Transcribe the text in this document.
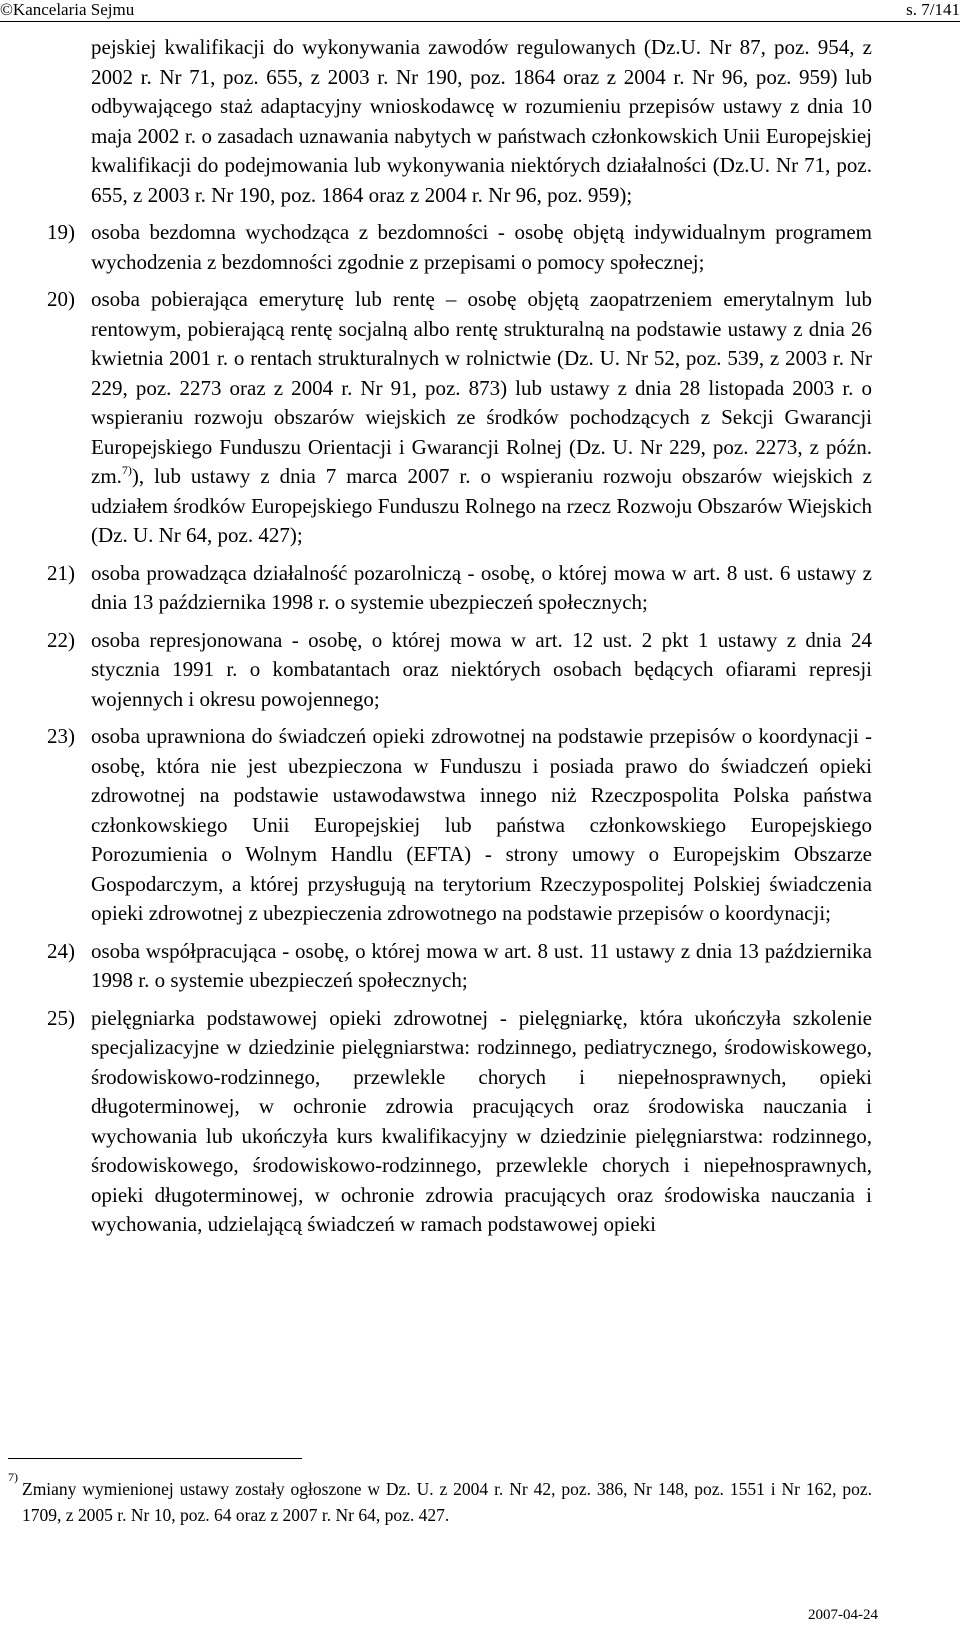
©Kancelaria Sejmu	s. 7/141
pejskiej kwalifikacji do wykonywania zawodów regulowanych (Dz.U. Nr 87, poz. 954, z 2002 r. Nr 71, poz. 655, z 2003 r. Nr 190, poz. 1864 oraz z 2004 r. Nr 96, poz. 959) lub odbywającego staż adaptacyjny wnioskodawcę w rozumieniu przepisów ustawy z dnia 10 maja 2002 r. o zasadach uznawania nabytych w państwach członkowskich Unii Europejskiej kwalifikacji do podejmowania lub wykonywania niektórych działalności (Dz.U. Nr 71, poz. 655, z 2003 r. Nr 190, poz. 1864 oraz z 2004 r. Nr 96, poz. 959);
19) osoba bezdomna wychodząca z bezdomności - osobę objętą indywidualnym programem wychodzenia z bezdomności zgodnie z przepisami o pomocy społecznej;
20) osoba pobierająca emeryturę lub rentę – osobę objętą zaopatrzeniem emerytalnym lub rentowym, pobierającą rentę socjalną albo rentę strukturalną na podstawie ustawy z dnia 26 kwietnia 2001 r. o rentach strukturalnych w rolnictwie (Dz. U. Nr 52, poz. 539, z 2003 r. Nr 229, poz. 2273 oraz z 2004 r. Nr 91, poz. 873) lub ustawy z dnia 28 listopada 2003 r. o wspieraniu rozwoju obszarów wiejskich ze środków pochodzących z Sekcji Gwarancji Europejskiego Funduszu Orientacji i Gwarancji Rolnej (Dz. U. Nr 229, poz. 2273, z późn. zm.$^{7)}$), lub ustawy z dnia 7 marca 2007 r. o wspieraniu rozwoju obszarów wiejskich z udziałem środków Europejskiego Funduszu Rolnego na rzecz Rozwoju Obszarów Wiejskich (Dz. U. Nr 64, poz. 427);
21) osoba prowadząca działalność pozarolniczą - osobę, o której mowa w art. 8 ust. 6 ustawy z dnia 13 października 1998 r. o systemie ubezpieczeń społecznych;
22) osoba represjonowana - osobę, o której mowa w art. 12 ust. 2 pkt 1 ustawy z dnia 24 stycznia 1991 r. o kombatantach oraz niektórych osobach będących ofiarami represji wojennych i okresu powojennego;
23) osoba uprawniona do świadczeń opieki zdrowotnej na podstawie przepisów o koordynacji - osobę, która nie jest ubezpieczona w Funduszu i posiada prawo do świadczeń opieki zdrowotnej na podstawie ustawodawstwa innego niż Rzeczpospolita Polska państwa członkowskiego Unii Europejskiej lub państwa członkowskiego Europejskiego Porozumienia o Wolnym Handlu (EFTA) - strony umowy o Europejskim Obszarze Gospodarczym, a której przysługują na terytorium Rzeczypospolitej Polskiej świadczenia opieki zdrowotnej z ubezpieczenia zdrowotnego na podstawie przepisów o koordynacji;
24) osoba współpracująca - osobę, o której mowa w art. 8 ust. 11 ustawy z dnia 13 października 1998 r. o systemie ubezpieczeń społecznych;
25) pielęgniarka podstawowej opieki zdrowotnej - pielęgniarkę, która ukończyła szkolenie specjalizacyjne w dziedzinie pielęgniarstwa: rodzinnego, pediatrycznego, środowiskowego, środowiskowo-rodzinnego, przewlekle chorych i niepełnosprawnych, opieki długoterminowej, w ochronie zdrowia pracujących oraz środowiska nauczania i wychowania lub ukończyła kurs kwalifikacyjny w dziedzinie pielęgniarstwa: rodzinnego, środowiskowego, środowiskowo-rodzinnego, przewlekle chorych i niepełnosprawnych, opieki długoterminowej, w ochronie zdrowia pracujących oraz środowiska nauczania i wychowania, udzielającą świadczeń w ramach podstawowej opieki
7)
Zmiany wymienionej ustawy zostały ogłoszone w Dz. U. z 2004 r. Nr 42, poz. 386, Nr 148, poz. 1551 i Nr 162, poz. 1709, z 2005 r. Nr 10, poz. 64 oraz z 2007 r. Nr 64, poz. 427.
2007-04-24
